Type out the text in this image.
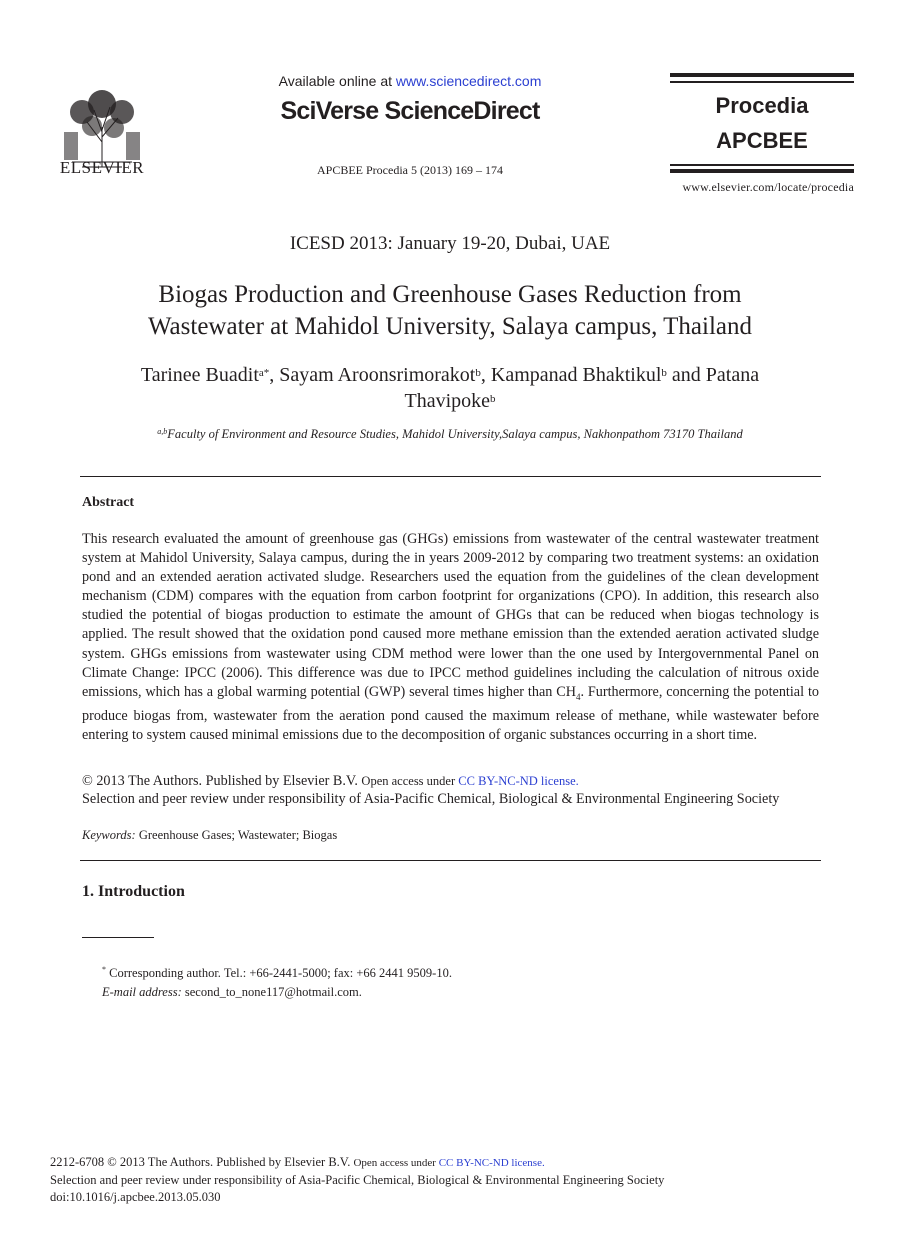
ELSEVIER
Available online at www.sciencedirect.com
SciVerse ScienceDirect
APCBEE Procedia 5 (2013) 169 – 174
Procedia
APCBEE
www.elsevier.com/locate/procedia
ICESD 2013: January 19-20, Dubai, UAE
Biogas Production and Greenhouse Gases Reduction from
Wastewater at Mahidol University, Salaya campus, Thailand
Tarinee Buadit$^{a*}$, Sayam Aroonsrimorakot$^b$, Kampanad Bhaktikul$^b$ and Patana
Thavipoke$^b$
$^{a,b}$Faculty of Environment and Resource Studies, Mahidol University,Salaya campus, Nakhonpathom 73170 Thailand
Abstract
This research evaluated the amount of greenhouse gas (GHGs) emissions from wastewater of the central wastewater treatment system at Mahidol University, Salaya campus, during the in years 2009-2012 by comparing two treatment systems: an oxidation pond and an extended aeration activated sludge. Researchers used the equation from the guidelines of the clean development mechanism (CDM) compares with the equation from carbon footprint for organizations (CPO). In addition, this research also studied the potential of biogas production to estimate the amount of GHGs that can be reduced when biogas technology is applied. The result showed that the oxidation pond caused more methane emission than the extended aeration activated sludge system. GHGs emissions from wastewater using CDM method were lower than the one used by Intergovernmental Panel on Climate Change: IPCC (2006). This difference was due to IPCC method guidelines including the calculation of nitrous oxide emissions, which has a global warming potential (GWP) several times higher than $CH_4$. Furthermore, concerning the potential to produce biogas from, wastewater from the aeration pond caused the maximum release of methane, while wastewater before entering to system caused minimal emissions due to the decomposition of organic substances occurring in a short time.
© 2013 The Authors. Published by Elsevier B.V. Open access under CC BY-NC-ND license.
Selection and peer review under responsibility of Asia-Pacific Chemical, Biological & Environmental Engineering Society
Keywords: Greenhouse Gases; Wastewater; Biogas
1. Introduction
* Corresponding author. Tel.: +66-2441-5000; fax: +66 2441 9509-10.
E-mail address: second_to_none117@hotmail.com.
2212-6708 © 2013 The Authors. Published by Elsevier B.V. Open access under CC BY-NC-ND license.
Selection and peer review under responsibility of Asia-Pacific Chemical, Biological & Environmental Engineering Society
doi:10.1016/j.apcbee.2013.05.030
